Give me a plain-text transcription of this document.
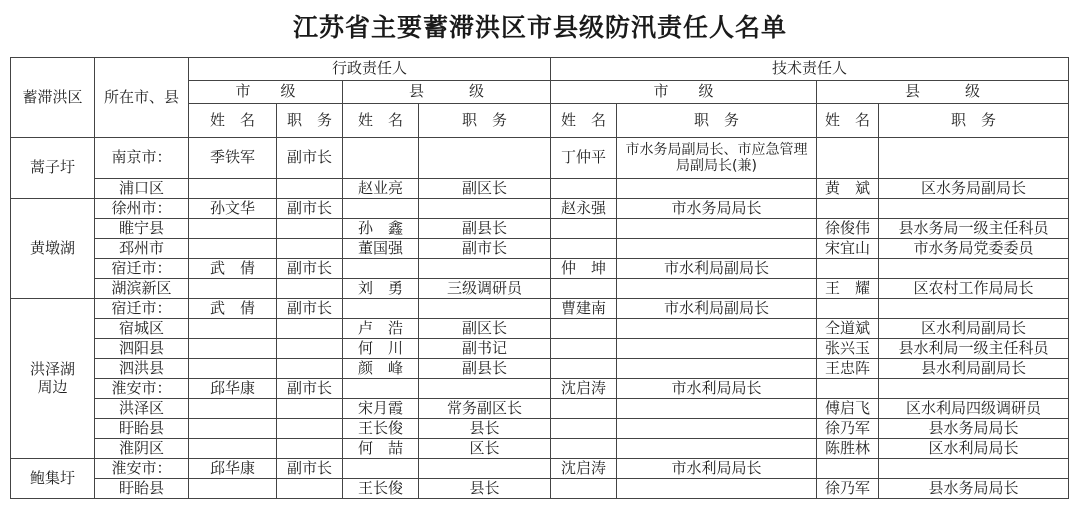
江苏省主要蓄滞洪区市县级防汛责任人名单
蓄滞洪区	所在市、县	行政责任人				技术责任人			
		市　　级		县　　　级		市　　级		县　　　级	
		姓　名	职　务	姓　名	职　务	姓　名	职　务	姓　名	职　务
蒿子圩	南京市：	季铁军	副市长			丁仲平	市水务局副局长、市应急管理局副局长(兼)		
	浦口区			赵业亮	副区长			黄　斌	区水务局副局长
黄墩湖	徐州市：	孙文华	副市长			赵永强	市水务局局长		
	睢宁县			孙　鑫	副县长			徐俊伟	县水务局一级主任科员
	邳州市			董国强	副市长			宋宜山	市水务局党委委员
	宿迁市：	武　倩	副市长			仲　坤	市水利局副局长		
	湖滨新区			刘　勇	三级调研员			王　耀	区农村工作局局长
洪泽湖周边	宿迁市：	武　倩	副市长			曹建南	市水利局副局长		
	宿城区			卢　浩	副区长			仝道斌	区水利局副局长
	泗阳县			何　川	副书记			张兴玉	县水利局一级主任科员
	泗洪县			颜　峰	副县长			王忠阵	县水利局副局长
	淮安市：	邱华康	副市长			沈启涛	市水利局局长		
	洪泽区			宋月霞	常务副区长			傅启飞	区水利局四级调研员
	盱眙县			王长俊	县长			徐乃军	县水务局局长
	淮阴区			何　喆	区长			陈胜林	区水利局局长
鲍集圩	淮安市：	邱华康	副市长			沈启涛	市水利局局长		
	盱眙县			王长俊	县长			徐乃军	县水务局局长
